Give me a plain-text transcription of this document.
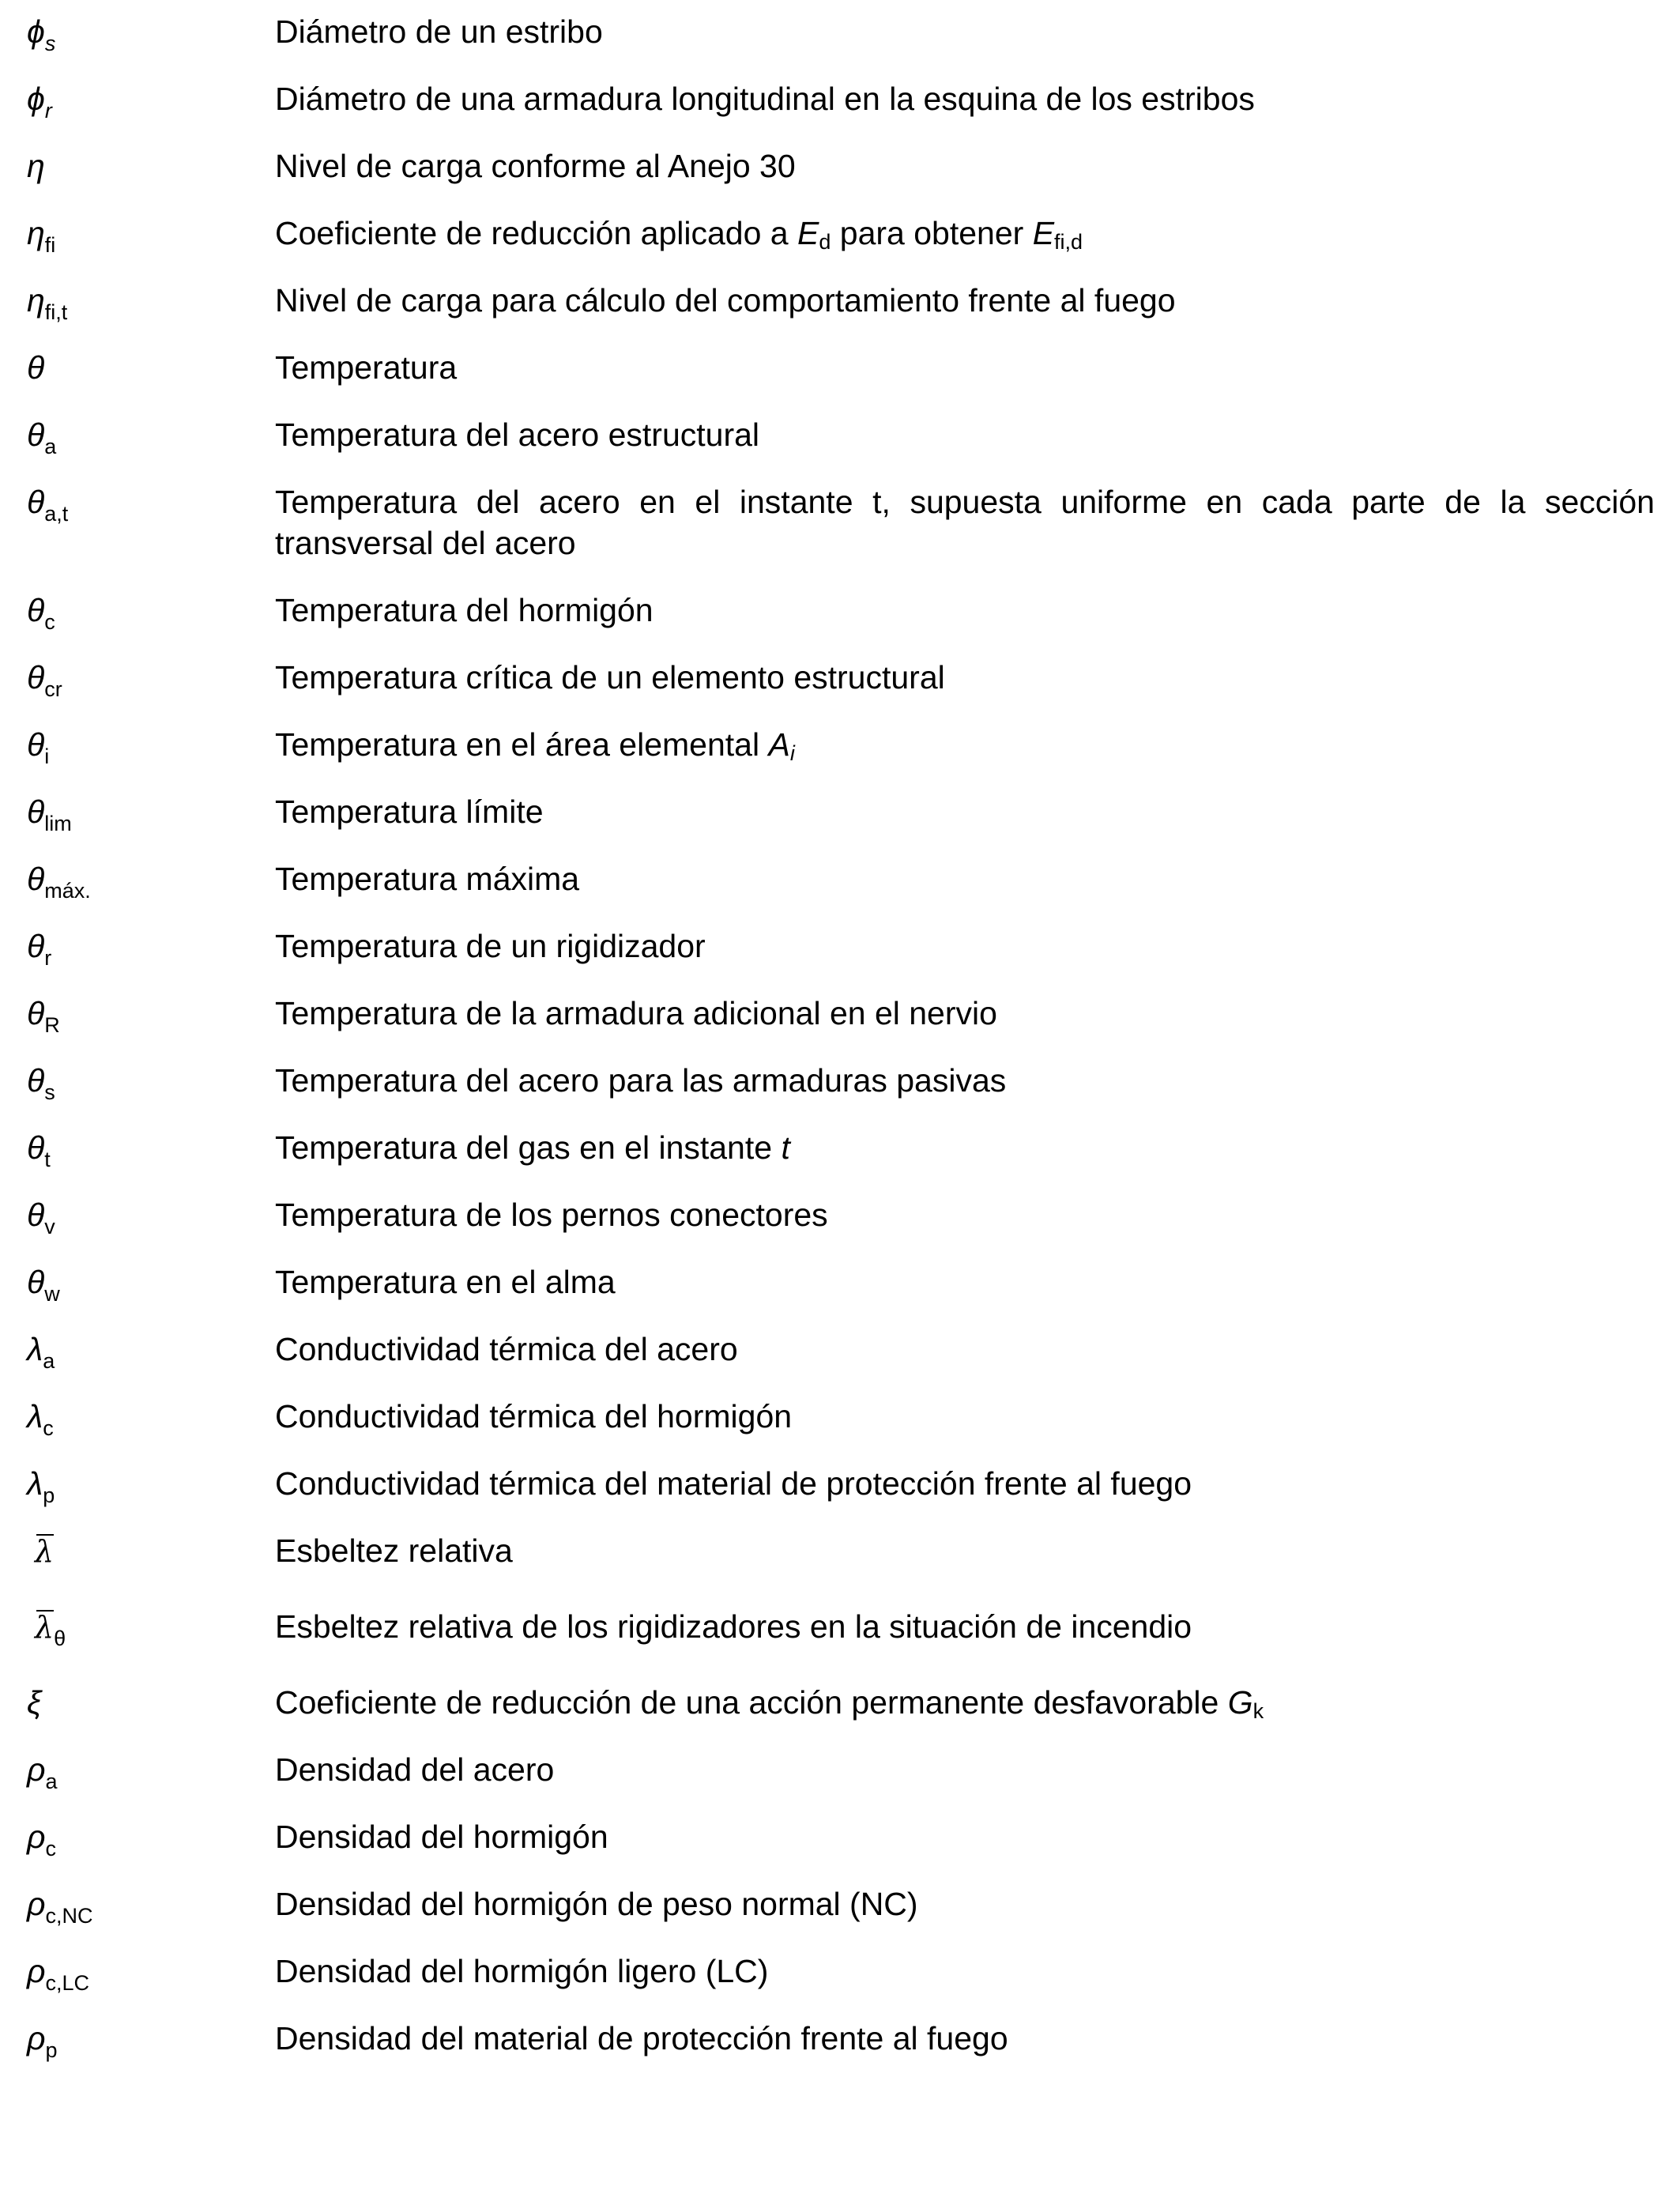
$\phi_s$	Diámetro de un estribo
$\phi_r$	Diámetro de una armadura longitudinal en la esquina de los estribos
η	Nivel de carga conforme al Anejo 30
$\eta_{fi}$	Coeficiente de reducción aplicado a $E_d$ para obtener $E_{fi,d}$
$\eta_{fi,t}$	Nivel de carga para cálculo del comportamiento frente al fuego
θ	Temperatura
$\theta_a$	Temperatura del acero estructural
$\theta_{a,t}$	Temperatura del acero en el instante t, supuesta uniforme en cada parte de la sección transversal del acero
$\theta_c$	Temperatura del hormigón
$\theta_{cr}$	Temperatura crítica de un elemento estructural
$\theta_i$	Temperatura en el área elemental $A_i$
$\theta_{lim}$	Temperatura límite
$\theta_{máx.}$	Temperatura máxima
$\theta_r$	Temperatura de un rigidizador
$\theta_R$	Temperatura de la armadura adicional en el nervio
$\theta_s$	Temperatura del acero para las armaduras pasivas
$\theta_t$	Temperatura del gas en el instante t
$\theta_v$	Temperatura de los pernos conectores
$\theta_w$	Temperatura en el alma
$\lambda_a$	Conductividad térmica del acero
$\lambda_c$	Conductividad térmica del hormigón
$\lambda_p$	Conductividad térmica del material de protección frente al fuego
λ	Esbeltez relativa
$\lambda_\theta$	Esbeltez relativa de los rigidizadores en la situación de incendio
ξ	Coeficiente de reducción de una acción permanente desfavorable $G_k$
$\rho_a$	Densidad del acero
$\rho_c$	Densidad del hormigón
$\rho_{c,NC}$	Densidad del hormigón de peso normal (NC)
$\rho_{c,LC}$	Densidad del hormigón ligero (LC)
$\rho_p$	Densidad del material de protección frente al fuego
